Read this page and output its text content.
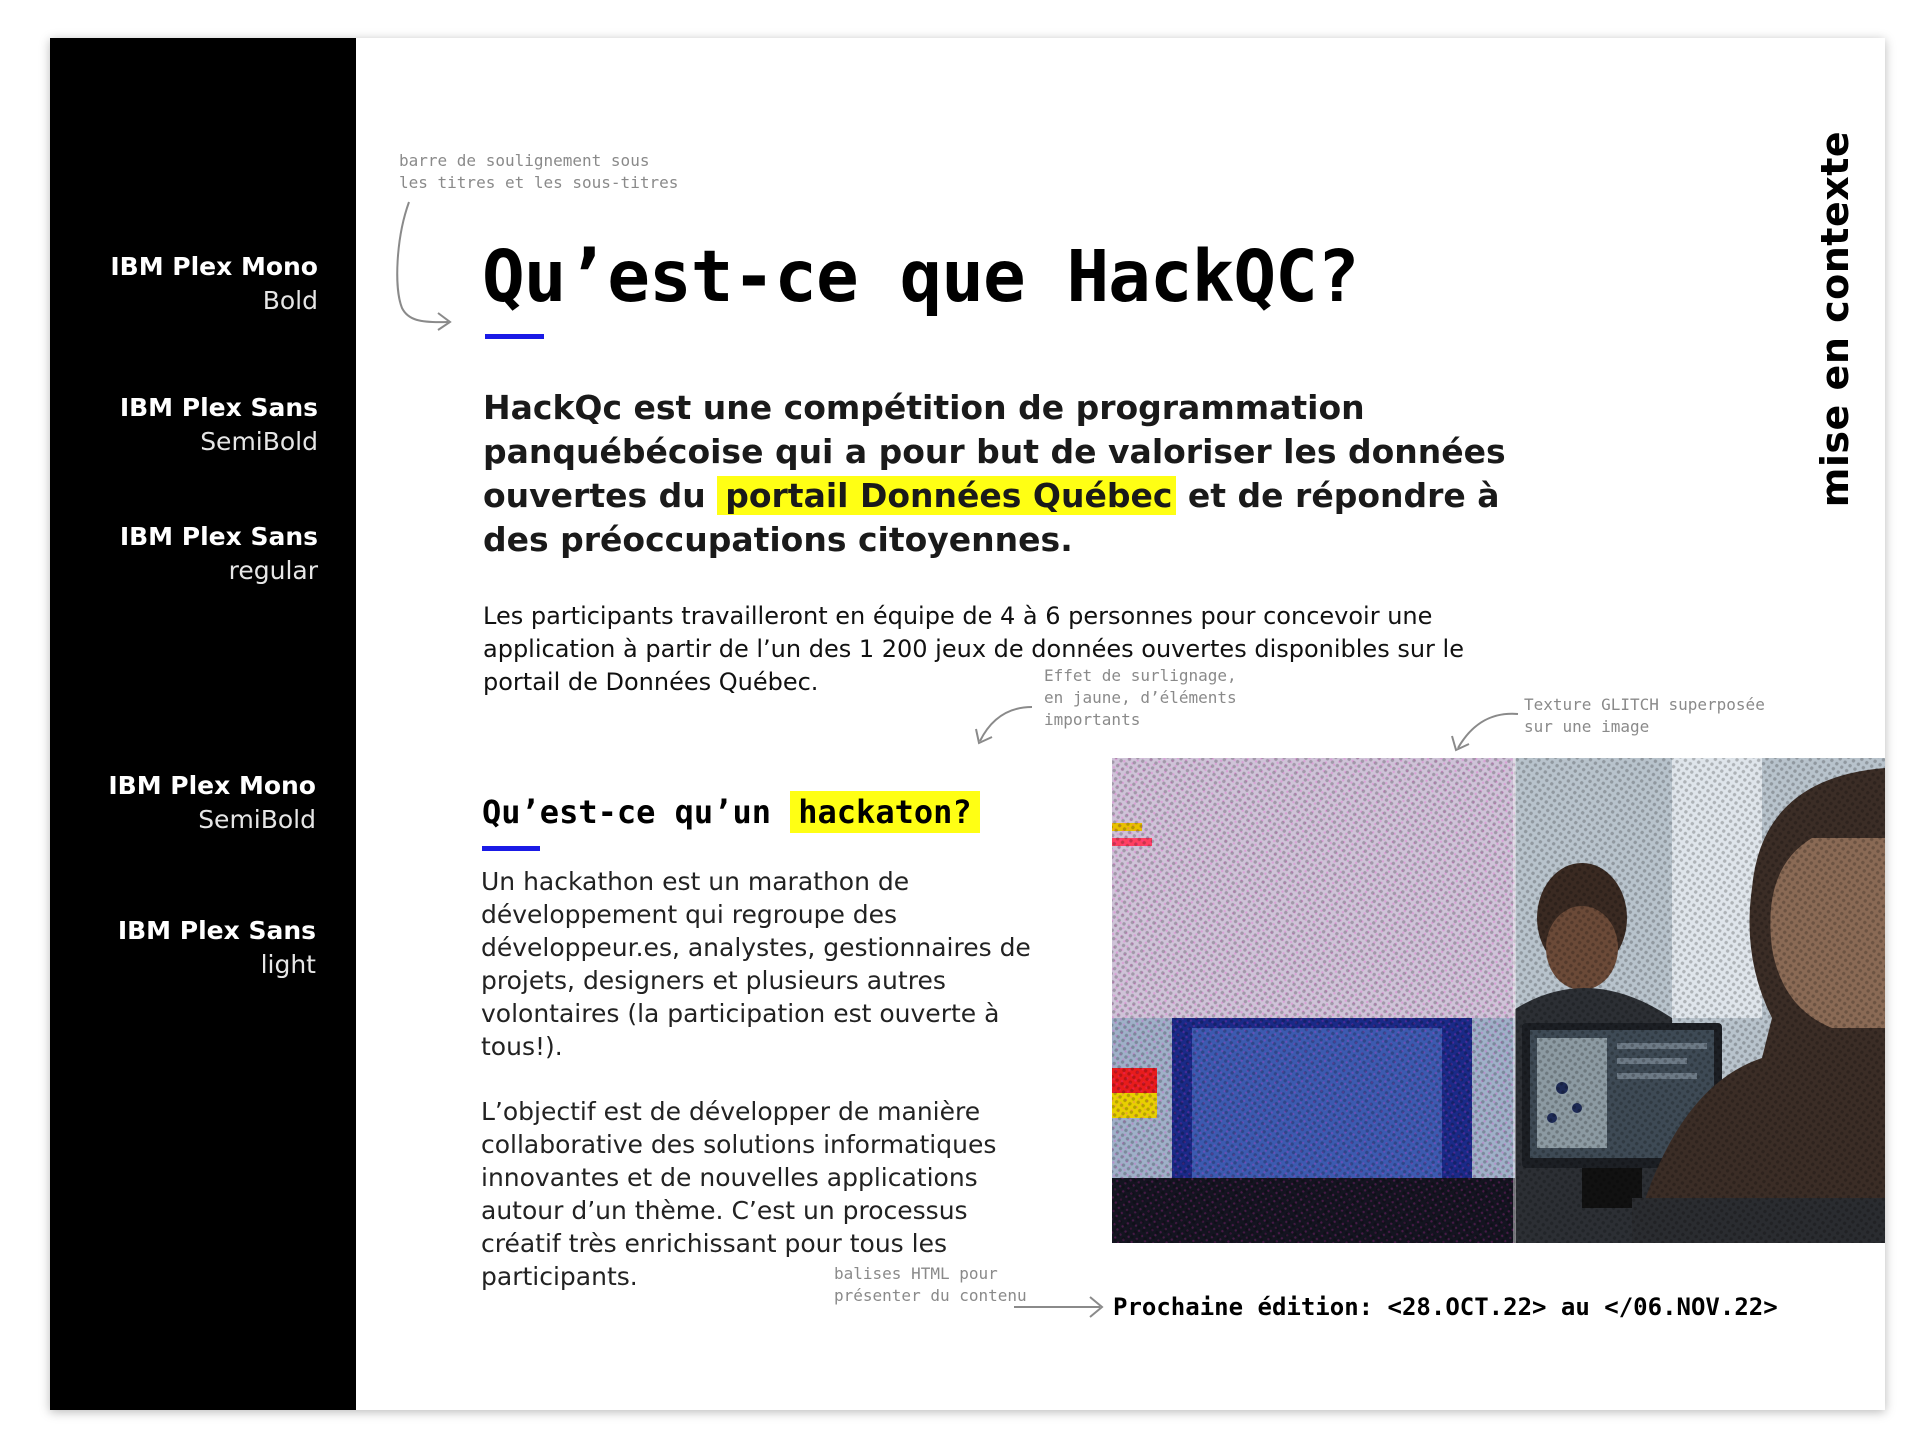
IBM Plex Mono
Bold
IBM Plex Sans
SemiBold
IBM Plex Sans
regular
IBM Plex Mono
SemiBold
IBM Plex Sans
light
barre de soulignement sous
les titres et les sous-titres	mise en contexte
Qu’est-ce que HackQC?
HackQc est une compétition de programmation panquébécoise qui a pour but de valoriser les données ouvertes du portail Données Québec et de répondre à des préoccupations citoyennes.
Les participants travailleront en équipe de 4 à 6 personnes pour concevoir une application à partir de l’un des 1 200 jeux de données ouvertes disponibles sur le portail de Données Québec.	Effet de surlignage,
en jaune, d’éléments
importants
Texture GLITCH superposée
sur une image
Qu’est-ce qu’un hackaton?
Un hackathon est un marathon de développement qui regroupe des développeur.es, analystes, gestionnaires de projets, designers et plusieurs autres volontaires (la participation est ouverte à tous!).
L’objectif est de développer de manière collaborative des solutions informatiques innovantes et de nouvelles applications autour d’un thème. C’est un processus créatif très enrichissant pour tous les participants.	balises HTML pour
présenter du contenu	Prochaine édition: <28.OCT.22> au </06.NOV.22>
